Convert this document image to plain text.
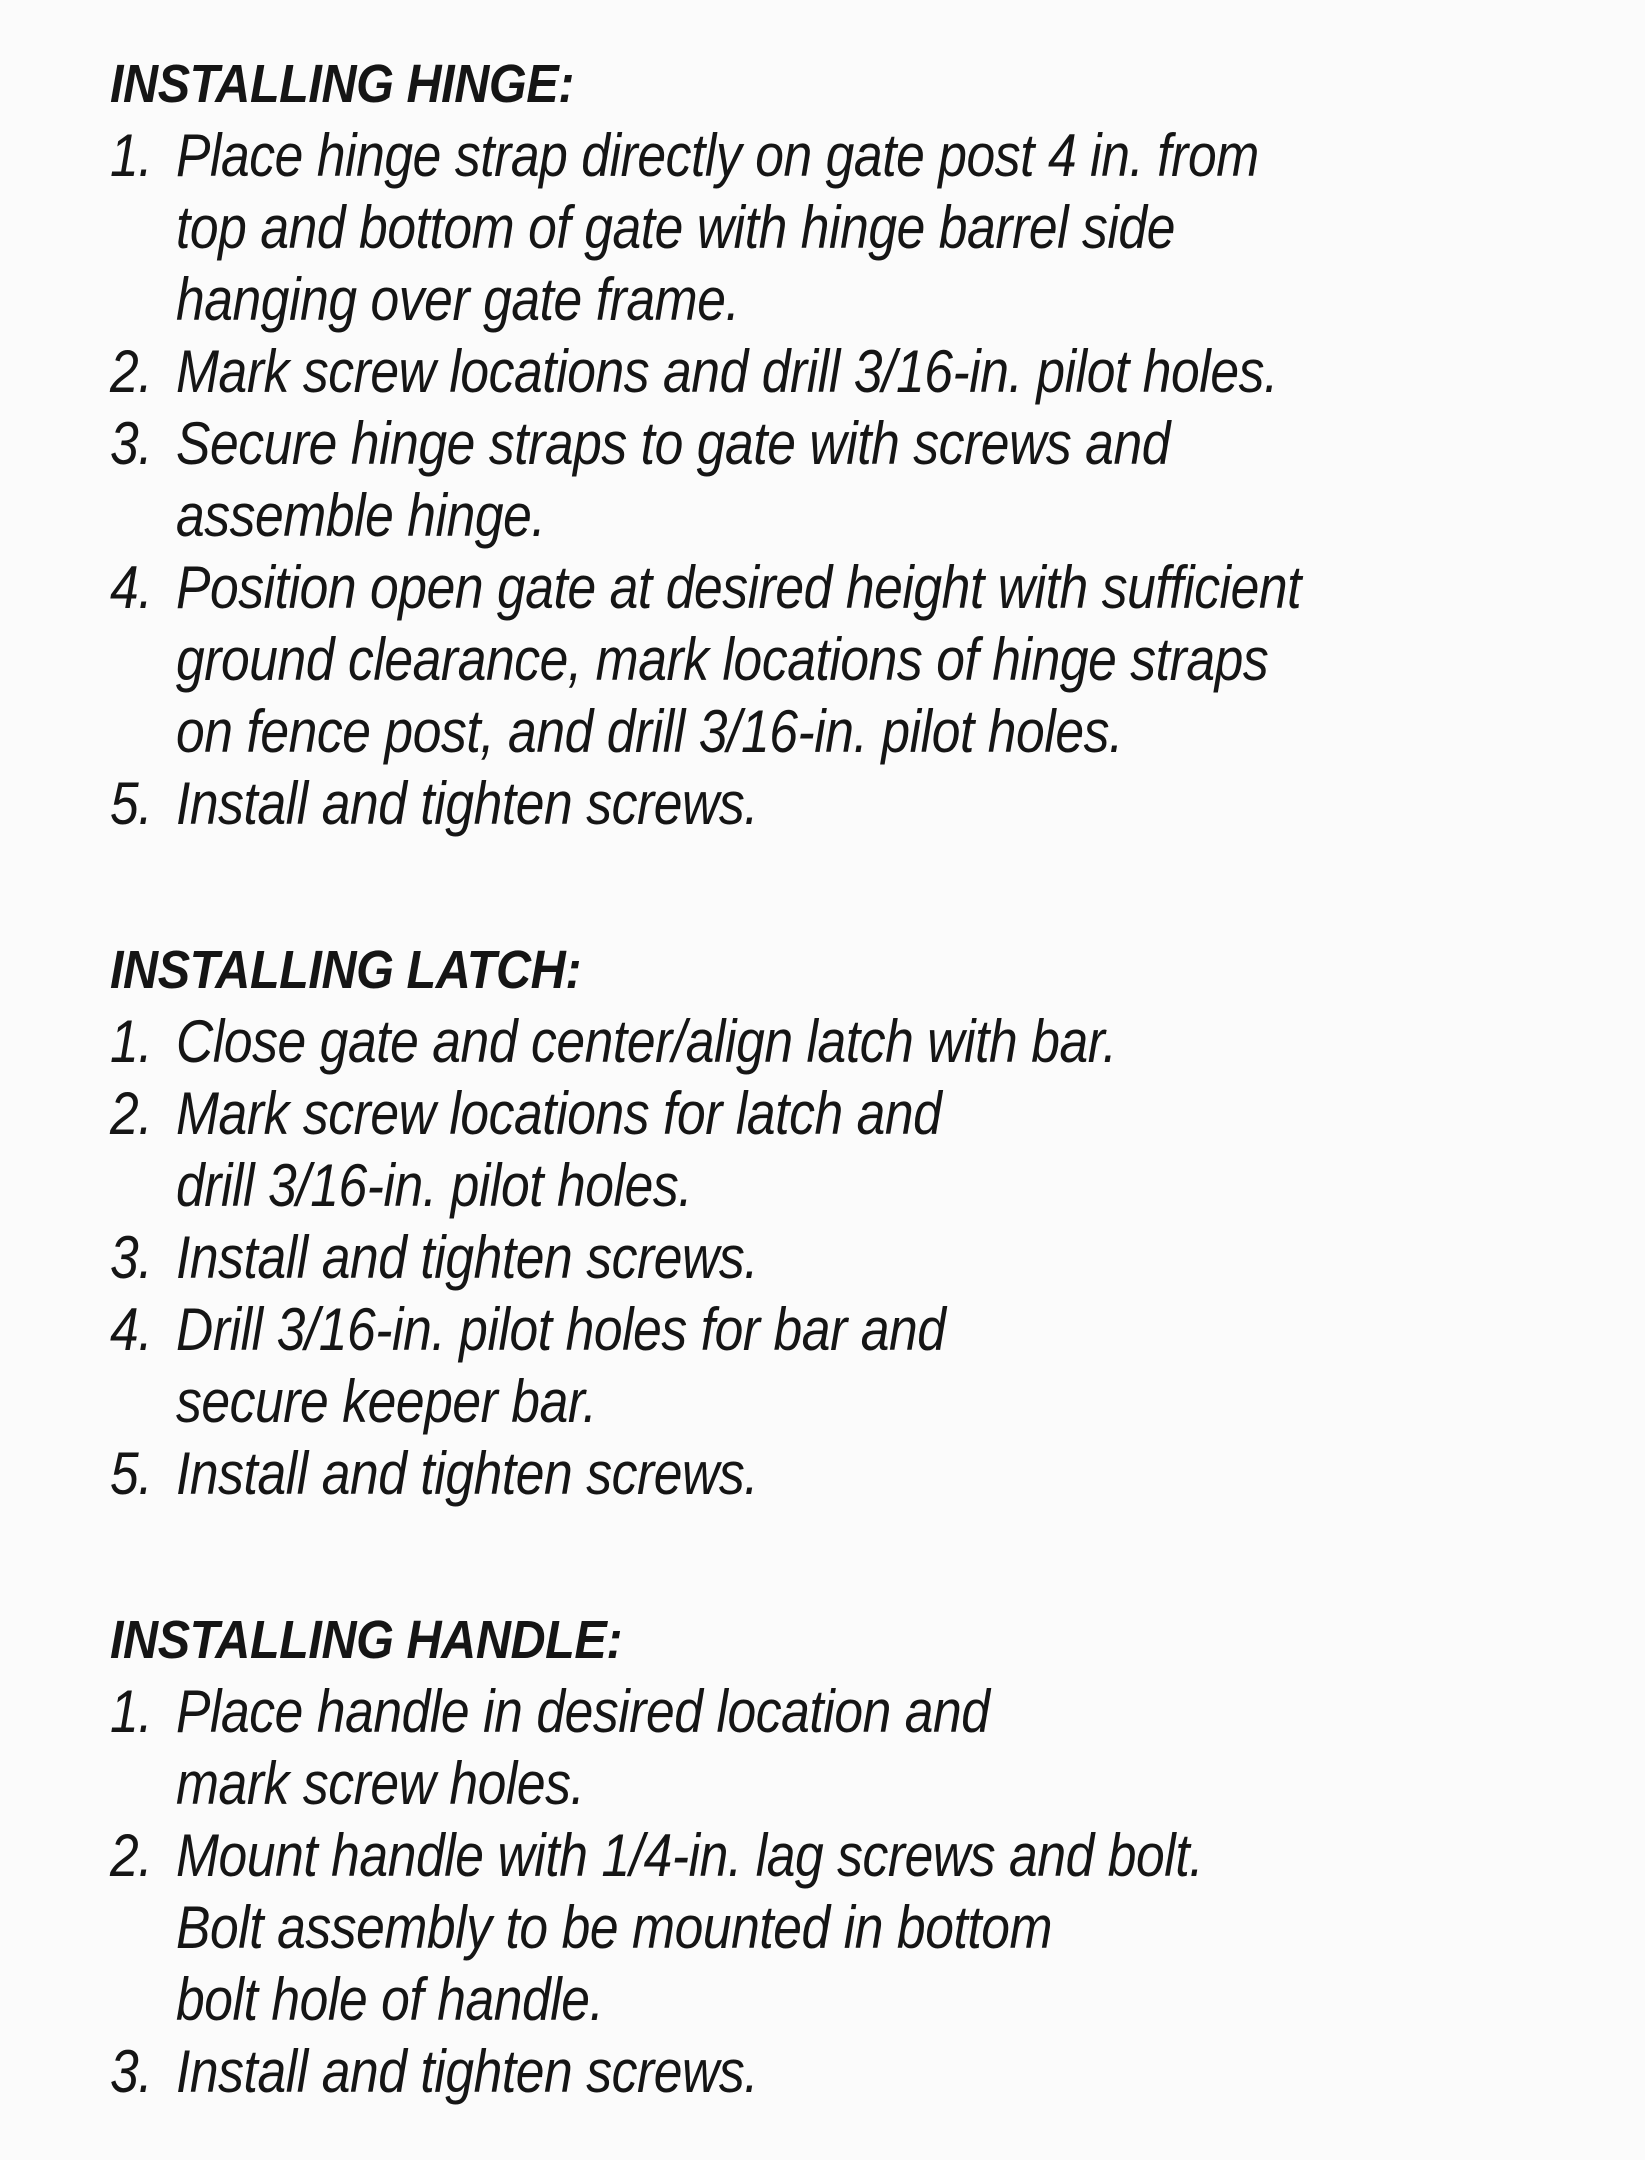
INSTALLING HINGE:
1. Place hinge strap directly on gate post 4 in. from
top and bottom of gate with hinge barrel side
hanging over gate frame.
2. Mark screw locations and drill 3/16-in. pilot holes.
3. Secure hinge straps to gate with screws and
assemble hinge.
4. Position open gate at desired height with sufficient
ground clearance, mark locations of hinge straps
on fence post, and drill 3/16-in. pilot holes.
5. Install and tighten screws.
INSTALLING LATCH:
1. Close gate and center/align latch with bar.
2. Mark screw locations for latch and
drill 3/16-in. pilot holes.
3. Install and tighten screws.
4. Drill 3/16-in. pilot holes for bar and
secure keeper bar.
5. Install and tighten screws.
INSTALLING HANDLE:
1. Place handle in desired location and
mark screw holes.
2. Mount handle with 1/4-in. lag screws and bolt.
Bolt assembly to be mounted in bottom
bolt hole of handle.
3. Install and tighten screws.
